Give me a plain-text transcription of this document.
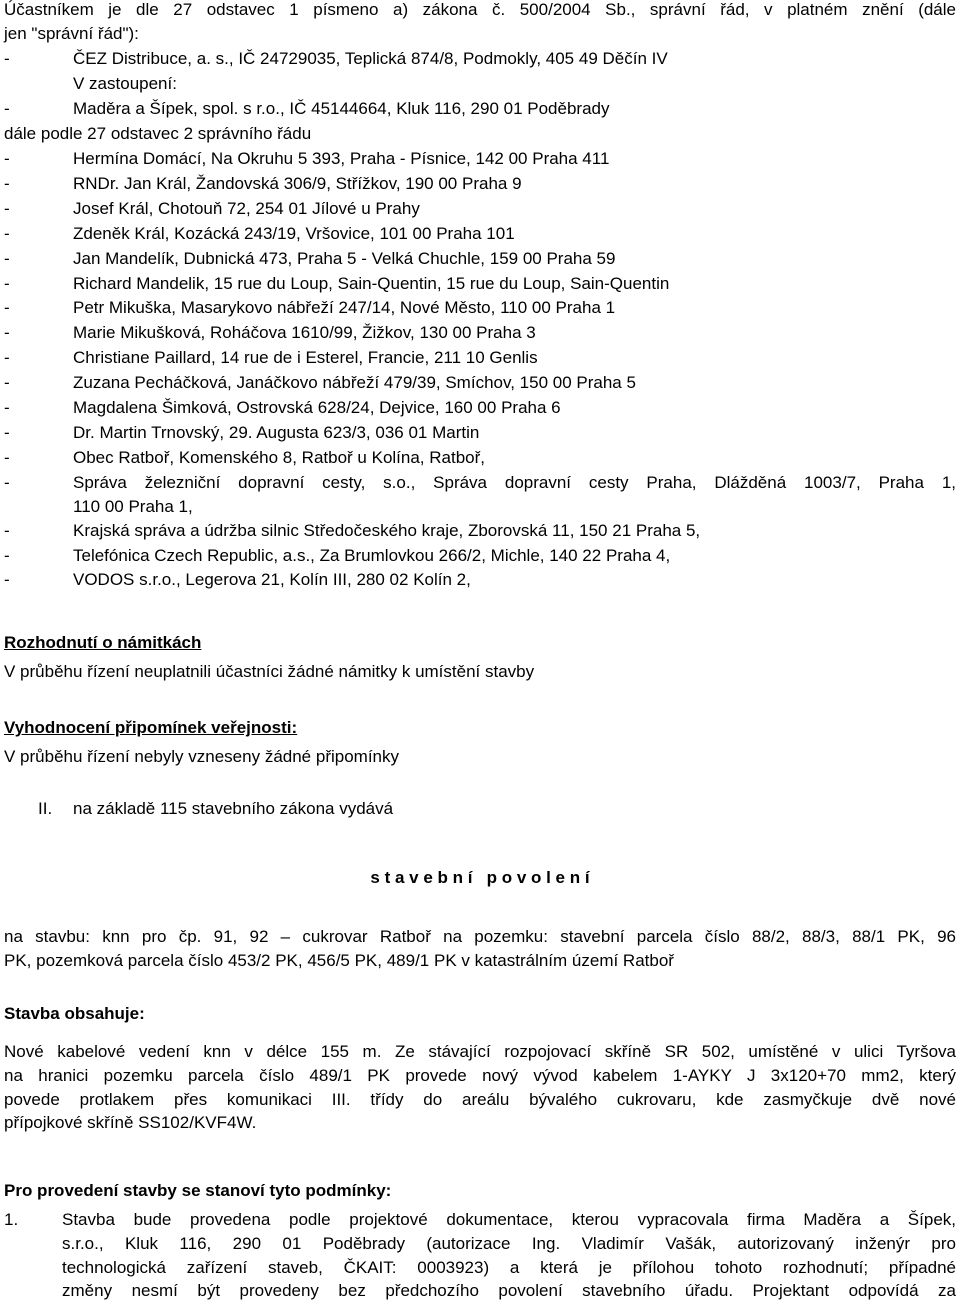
Účastníkem je dle 27 odstavec 1 písmeno a) zákona č. 500/2004 Sb., správní řád, v platném znění (dále
jen "správní řád"):
-	ČEZ Distribuce, a. s., IČ 24729035, Teplická 874/8, Podmokly, 405 49 Děčín IV
V zastoupení:
-	Maděra a Šípek, spol. s r.o., IČ 45144664, Kluk 116, 290 01 Poděbrady
dále podle 27 odstavec 2 správního řádu
-	Hermína Domácí, Na Okruhu 5 393, Praha - Písnice, 142 00 Praha 411
-	RNDr. Jan Král, Žandovská 306/9, Střížkov, 190 00 Praha 9
-	Josef Král, Chotouň 72, 254 01 Jílové u Prahy
-	Zdeněk Král, Kozácká 243/19, Vršovice, 101 00 Praha 101
-	Jan Mandelík, Dubnická 473, Praha 5 - Velká Chuchle, 159 00 Praha 59
-	Richard Mandelik, 15 rue du Loup, Sain-Quentin, 15 rue du Loup, Sain-Quentin
-	Petr Mikuška, Masarykovo nábřeží 247/14, Nové Město, 110 00 Praha 1
-	Marie Mikušková, Roháčova 1610/99, Žižkov, 130 00 Praha 3
-	Christiane Paillard, 14 rue de i Esterel, Francie, 211 10 Genlis
-	Zuzana Pecháčková, Janáčkovo nábřeží 479/39, Smíchov, 150 00 Praha 5
-	Magdalena Šimková, Ostrovská 628/24, Dejvice, 160 00 Praha 6
-	Dr. Martin Trnovský, 29. Augusta 623/3, 036 01 Martin
-	Obec Ratboř, Komenského 8, Ratboř u Kolína, Ratboř,
-	Správa železniční dopravní cesty, s.o., Správa dopravní cesty Praha, Dlážděná 1003/7, Praha 1,
110 00 Praha 1,
-	Krajská správa a údržba silnic Středočeského kraje, Zborovská 11, 150 21 Praha 5,
-	Telefónica Czech Republic, a.s., Za Brumlovkou 266/2, Michle, 140 22 Praha 4,
-	VODOS s.r.o., Legerova 21, Kolín III, 280 02 Kolín 2,
Rozhodnutí o námitkách
V průběhu řízení neuplatnili účastníci žádné námitky k umístění stavby
Vyhodnocení připomínek veřejnosti:
V průběhu řízení nebyly vzneseny žádné připomínky
II. na základě 115 stavebního zákona vydává
s t a v e b n í   p o v o l e n í
na stavbu: knn pro čp. 91, 92 – cukrovar Ratboř na pozemku: stavební parcela číslo 88/2, 88/3, 88/1 PK, 96
PK, pozemková parcela číslo 453/2 PK, 456/5 PK, 489/1 PK v katastrálním území Ratboř
Stavba obsahuje:
Nové kabelové vedení knn v délce 155 m. Ze stávající rozpojovací skříně SR 502, umístěné v ulici Tyršova
na hranici pozemku parcela číslo 489/1 PK provede nový vývod kabelem 1-AYKY J 3x120+70 mm2, který
povede protlakem přes komunikaci III. třídy do areálu bývalého cukrovaru, kde zasmyčkuje dvě nové
přípojkové skříně SS102/KVF4W.
Pro provedení stavby se stanoví tyto podmínky:
1.	Stavba bude provedena podle projektové dokumentace, kterou vypracovala firma Maděra a Šípek,
s.r.o., Kluk 116, 290 01 Poděbrady (autorizace Ing. Vladimír Vašák, autorizovaný inženýr pro
technologická zařízení staveb, ČKAIT: 0003923) a která je přílohou tohoto rozhodnutí; případné
změny nesmí být provedeny bez předchozího povolení stavebního úřadu. Projektant odpovídá za
